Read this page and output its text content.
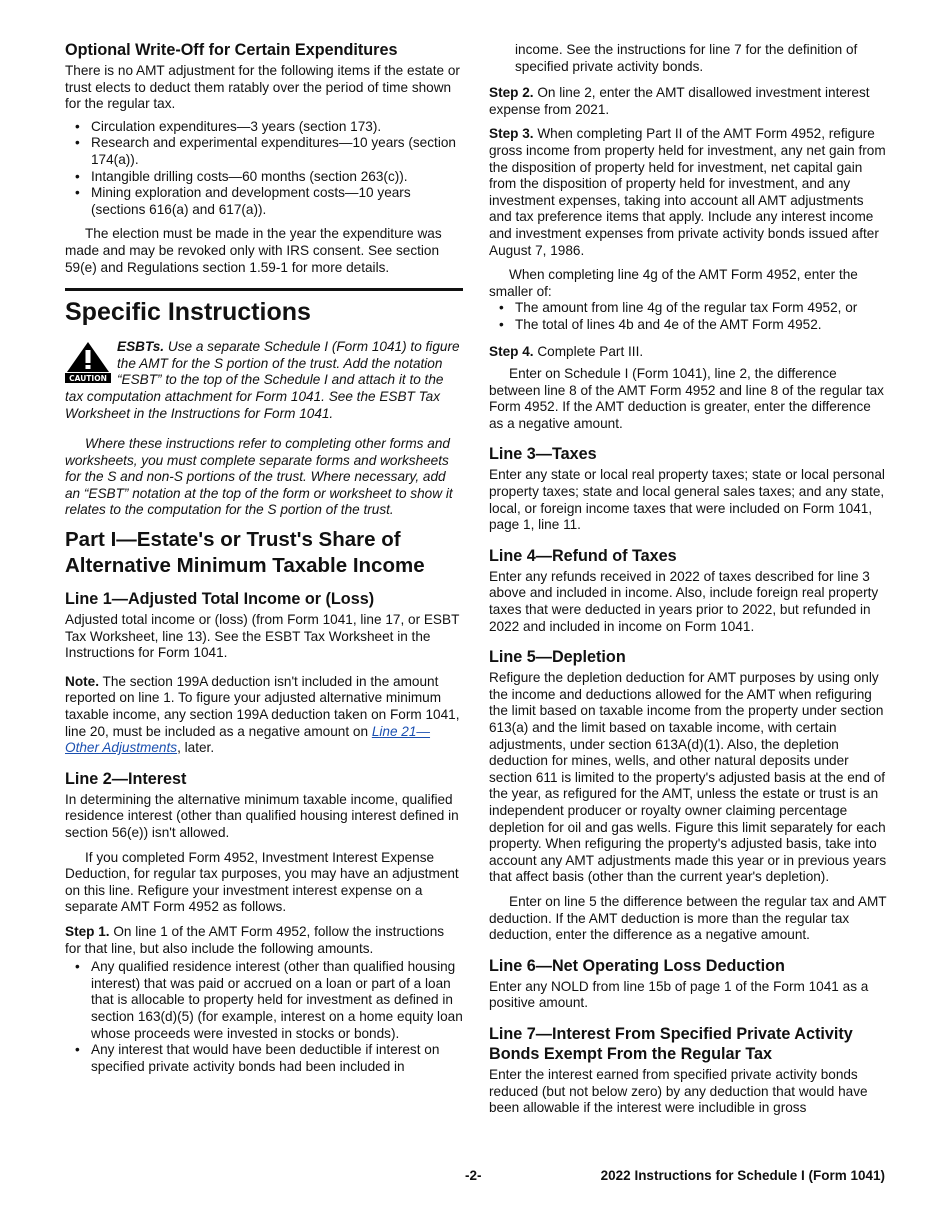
Optional Write-Off for Certain Expenditures

There is no AMT adjustment for the following items if the estate or trust elects to deduct them ratably over the period of time shown for the regular tax.

• Circulation expenditures—3 years (section 173).
• Research and experimental expenditures—10 years (section 174(a)).
• Intangible drilling costs—60 months (section 263(c)).
• Mining exploration and development costs—10 years (sections 616(a) and 617(a)).

The election must be made in the year the expenditure was made and may be revoked only with IRS consent. See section 59(e) and Regulations section 1.59-1 for more details.

Specific Instructions
CAUTION

ESBTs. Use a separate Schedule I (Form 1041) to figure the AMT for the S portion of the trust. Add the notation “ESBT” to the top of the Schedule I and attach it to the tax computation attachment for Form 1041. See the ESBT Tax Worksheet in the Instructions for Form 1041.

Where these instructions refer to completing other forms and worksheets, you must complete separate forms and worksheets for the S and non-S portions of the trust. Where necessary, add an “ESBT” notation at the top of the form or worksheet to show it relates to the computation for the S portion of the trust.

Part I—Estate's or Trust's Share of Alternative Minimum Taxable Income
Line 1—Adjusted Total Income or (Loss)

Adjusted total income or (loss) (from Form 1041, line 17, or ESBT Tax Worksheet, line 13). See the ESBT Tax Worksheet in the Instructions for Form 1041.

Note. The section 199A deduction isn't included in the amount reported on line 1. To figure your adjusted alternative minimum taxable income, any section 199A deduction taken on Form 1041, line 20, must be included as a negative amount on Line 21—Other Adjustments, later.

Line 2—Interest

In determining the alternative minimum taxable income, qualified residence interest (other than qualified housing interest defined in section 56(e)) isn't allowed.

If you completed Form 4952, Investment Interest Expense Deduction, for regular tax purposes, you may have an adjustment on this line. Refigure your investment interest expense on a separate AMT Form 4952 as follows.

Step 1. On line 1 of the AMT Form 4952, follow the instructions for that line, but also include the following amounts.

• Any qualified residence interest (other than qualified housing interest) that was paid or accrued on a loan or part of a loan that is allocable to property held for investment as defined in section 163(d)(5) (for example, interest on a home equity loan whose proceeds were invested in stocks or bonds).
• Any interest that would have been deductible if interest on specified private activity bonds had been included in

income. See the instructions for line 7 for the definition of specified private activity bonds.

Step 2. On line 2, enter the AMT disallowed investment interest expense from 2021.

Step 3. When completing Part II of the AMT Form 4952, refigure gross income from property held for investment, any net gain from the disposition of property held for investment, net capital gain from the disposition of property held for investment, and any investment expenses, taking into account all AMT adjustments and tax preference items that apply. Include any interest income and investment expenses from private activity bonds issued after August 7, 1986.

When completing line 4g of the AMT Form 4952, enter the smaller of:

• The amount from line 4g of the regular tax Form 4952, or
• The total of lines 4b and 4e of the AMT Form 4952.

Step 4. Complete Part III.

Enter on Schedule I (Form 1041), line 2, the difference between line 8 of the AMT Form 4952 and line 8 of the regular tax Form 4952. If the AMT deduction is greater, enter the difference as a negative amount.

Line 3—Taxes

Enter any state or local real property taxes; state or local personal property taxes; state and local general sales taxes; and any state, local, or foreign income taxes that were included on Form 1041, page 1, line 11.

Line 4—Refund of Taxes

Enter any refunds received in 2022 of taxes described for line 3 above and included in income. Also, include foreign real property taxes that were deducted in years prior to 2022, but refunded in 2022 and included in income on Form 1041.

Line 5—Depletion

Refigure the depletion deduction for AMT purposes by using only the income and deductions allowed for the AMT when refiguring the limit based on taxable income from the property under section 613(a) and the limit based on taxable income, with certain adjustments, under section 613A(d)(1). Also, the depletion deduction for mines, wells, and other natural deposits under section 611 is limited to the property's adjusted basis at the end of the year, as refigured for the AMT, unless the estate or trust is an independent producer or royalty owner claiming percentage depletion for oil and gas wells. Figure this limit separately for each property. When refiguring the property's adjusted basis, take into account any AMT adjustments made this year or in previous years that affect basis (other than the current year's depletion).

Enter on line 5 the difference between the regular tax and AMT deduction. If the AMT deduction is more than the regular tax deduction, enter the difference as a negative amount.

Line 6—Net Operating Loss Deduction

Enter any NOLD from line 15b of page 1 of the Form 1041 as a positive amount.

Line 7—Interest From Specified Private Activity Bonds Exempt From the Regular Tax

Enter the interest earned from specified private activity bonds reduced (but not below zero) by any deduction that would have been allowable if the interest were includible in gross

-2-	2022 Instructions for Schedule I (Form 1041)
